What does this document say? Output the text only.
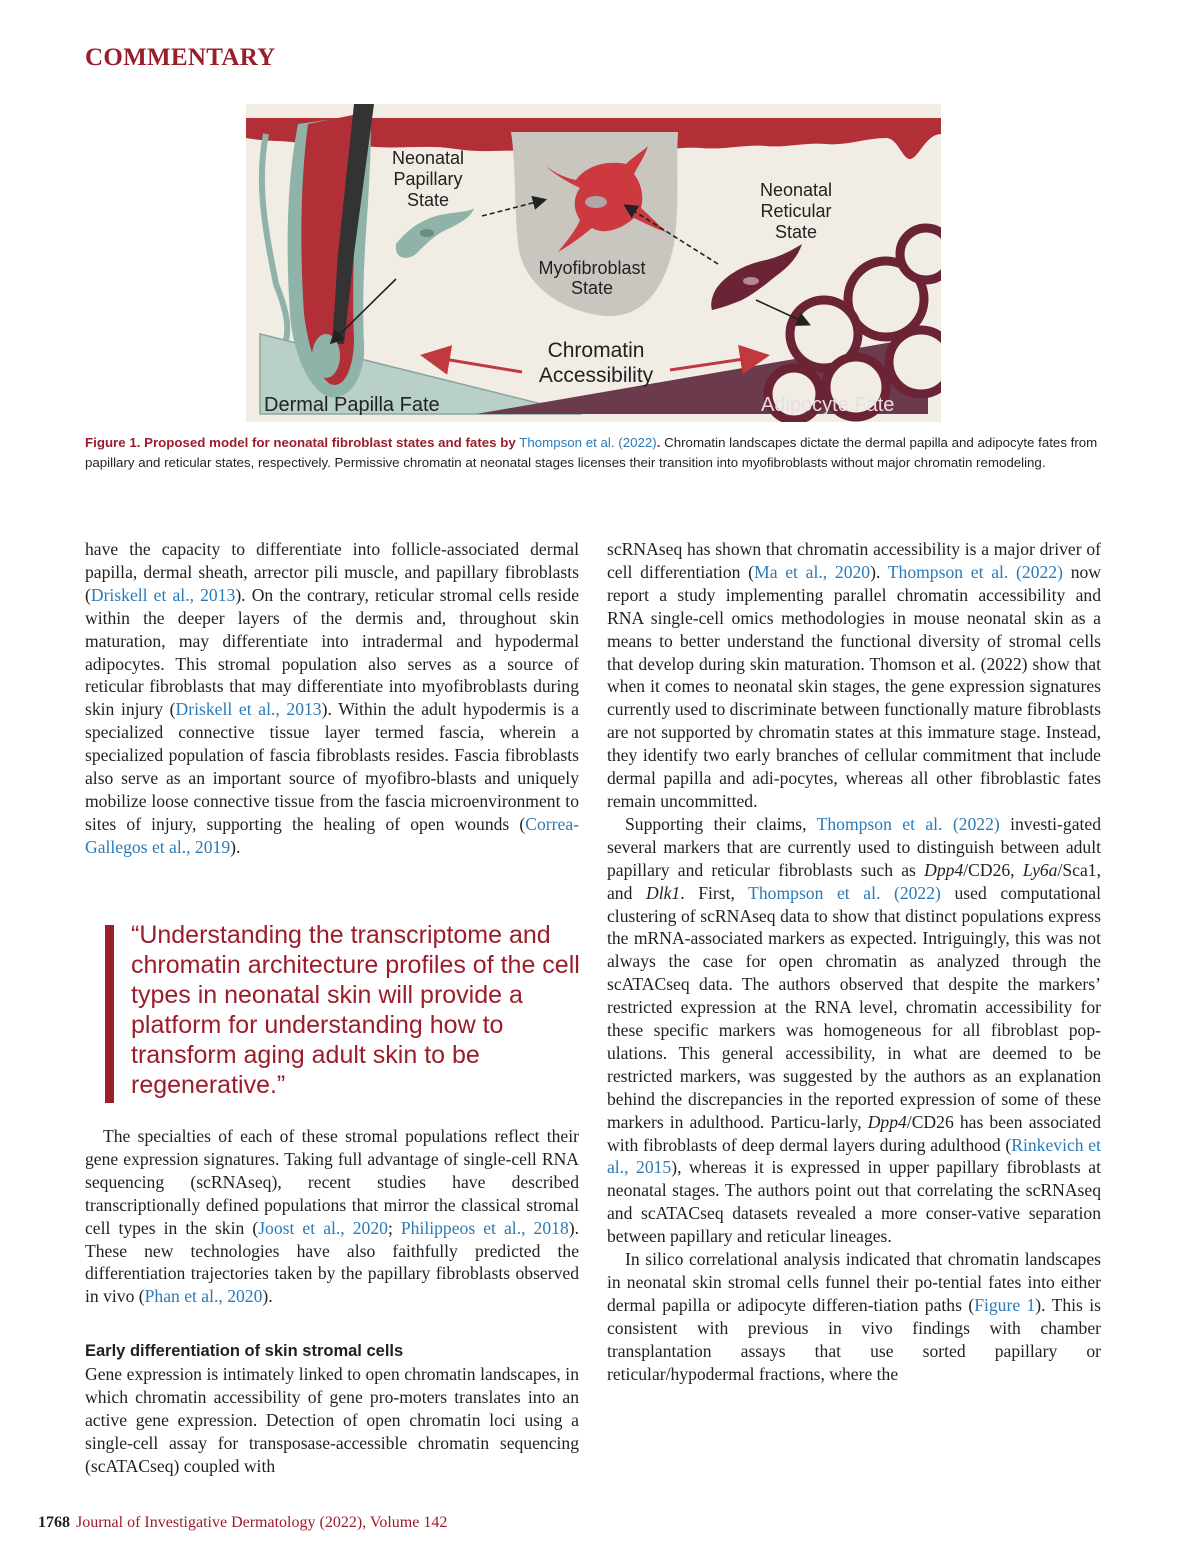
COMMENTARY
Neonatal
Papillary
State	Neonatal
Reticular
State
Myofibroblast
State
Chromatin
Accessibility
Dermal Papilla Fate	Adipocyte Fate
Figure 1. Proposed model for neonatal fibroblast states and fates by Thompson et al. (2022). Chromatin landscapes dictate the dermal papilla and adipocyte fates from papillary and reticular states, respectively. Permissive chromatin at neonatal stages licenses their transition into myofibroblasts without major chromatin remodeling.

have the capacity to differentiate into follicle-associated dermal papilla, dermal sheath, arrector pili muscle, and papillary fibroblasts (Driskell et al., 2013). On the contrary, reticular stromal cells reside within the deeper layers of the dermis and, throughout skin maturation, may differentiate into intradermal and hypodermal adipocytes. This stromal population also serves as a source of reticular fibroblasts that may differentiate into myofibroblasts during skin injury (Driskell et al., 2013). Within the adult hypodermis is a specialized connective tissue layer termed fascia, wherein a specialized population of fascia fibroblasts resides. Fascia fibroblasts also serve as an important source of myofibro-blasts and uniquely mobilize loose connective tissue from the fascia microenvironment to sites of injury, supporting the healing of open wounds (Correa-Gallegos et al., 2019).

“Understanding the transcriptome and chromatin architecture profiles of the cell types in neonatal skin will provide a platform for understanding how to transform aging adult skin to be regenerative.”

The specialties of each of these stromal populations reflect their gene expression signatures. Taking full advantage of single-cell RNA sequencing (scRNAseq), recent studies have described transcriptionally defined populations that mirror the classical stromal cell types in the skin (Joost et al., 2020; Philippeos et al., 2018). These new technologies have also faithfully predicted the differentiation trajectories taken by the papillary fibroblasts observed in vivo (Phan et al., 2020).

Early differentiation of skin stromal cells

Gene expression is intimately linked to open chromatin landscapes, in which chromatin accessibility of gene pro-moters translates into an active gene expression. Detection of open chromatin loci using a single-cell assay for transposase-accessible chromatin sequencing (scATACseq) coupled with

scRNAseq has shown that chromatin accessibility is a major driver of cell differentiation (Ma et al., 2020). Thompson et al. (2022) now report a study implementing parallel chromatin accessibility and RNA single-cell omics methodologies in mouse neonatal skin as a means to better understand the functional diversity of stromal cells that develop during skin maturation. Thomson et al. (2022) show that when it comes to neonatal skin stages, the gene expression signatures currently used to discriminate between functionally mature fibroblasts are not supported by chromatin states at this immature stage. Instead, they identify two early branches of cellular commitment that include dermal papilla and adi-pocytes, whereas all other fibroblastic fates remain uncommitted.

Supporting their claims, Thompson et al. (2022) investi-gated several markers that are currently used to distinguish between adult papillary and reticular fibroblasts such as Dpp4/CD26, Ly6a/Sca1, and Dlk1. First, Thompson et al. (2022) used computational clustering of scRNAseq data to show that distinct populations express the mRNA-associated markers as expected. Intriguingly, this was not always the case for open chromatin as analyzed through the scATACseq data. The authors observed that despite the markers’ restricted expression at the RNA level, chromatin accessibility for these specific markers was homogeneous for all fibroblast pop-ulations. This general accessibility, in what are deemed to be restricted markers, was suggested by the authors as an explanation behind the discrepancies in the reported expression of some of these markers in adulthood. Particu-larly, Dpp4/CD26 has been associated with fibroblasts of deep dermal layers during adulthood (Rinkevich et al., 2015), whereas it is expressed in upper papillary fibroblasts at neonatal stages. The authors point out that correlating the scRNAseq and scATACseq datasets revealed a more conser-vative separation between papillary and reticular lineages.

In silico correlational analysis indicated that chromatin landscapes in neonatal skin stromal cells funnel their po-tential fates into either dermal papilla or adipocyte differen-tiation paths (Figure 1). This is consistent with previous in vivo findings with chamber transplantation assays that use sorted papillary or reticular/hypodermal fractions, where the

1768 Journal of Investigative Dermatology (2022), Volume 142
